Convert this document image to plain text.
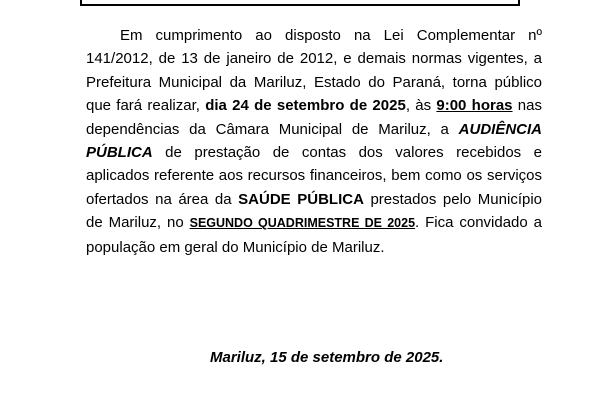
Em cumprimento ao disposto na Lei Complementar nº 141/2012, de 13 de janeiro de 2012, e demais normas vigentes, a Prefeitura Municipal da Mariluz, Estado do Paraná, torna público que fará realizar, dia 24 de setembro de 2025, às 9:00 horas nas dependências da Câmara Municipal de Mariluz, a AUDIÊNCIA PÚBLICA de prestação de contas dos valores recebidos e aplicados referente aos recursos financeiros, bem como os serviços ofertados na área da SAÚDE PÚBLICA prestados pelo Município de Mariluz, no SEGUNDO QUADRIMESTRE DE 2025. Fica convidado a população em geral do Município de Mariluz.

Mariluz, 15 de setembro de 2025.
